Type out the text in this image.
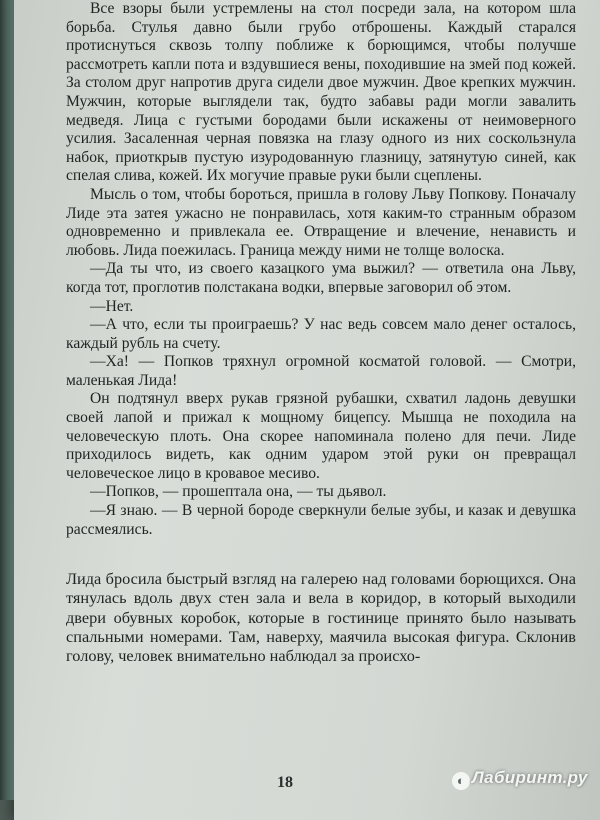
Все взоры были устремлены на стол посреди зала, на котором шла борьба. Стулья давно были грубо отброшены. Каждый старался протиснуться сквозь толпу поближе к борющимся, чтобы получше рассмотреть капли пота и вздувшиеся вены, походившие на змей под кожей. За столом друг напротив друга сидели двое мужчин. Двое крепких мужчин. Мужчин, которые выглядели так, будто забавы ради могли завалить медведя. Лица с густыми бородами были искажены от неимоверного усилия. Засаленная черная повязка на глазу одного из них соскользнула набок, приоткрыв пустую изуродованную глазницу, затянутую синей, как спелая слива, кожей. Их могучие правые руки были сцеплены.

Мысль о том, чтобы бороться, пришла в голову Льву Попкову. Поначалу Лиде эта затея ужасно не понравилась, хотя каким-то странным образом одновременно и привлекала ее. Отвращение и влечение, ненависть и любовь. Лида поежилась. Граница между ними не толще волоска.

—Да ты что, из своего казацкого ума выжил? — ответила она Льву, когда тот, проглотив полстакана водки, впервые заговорил об этом.

—Нет.

—А что, если ты проиграешь? У нас ведь совсем мало денег осталось, каждый рубль на счету.

—Ха! — Попков тряхнул огромной косматой головой. — Смотри, маленькая Лида!

Он подтянул вверх рукав грязной рубашки, схватил ладонь девушки своей лапой и прижал к мощному бицепсу. Мышца не походила на человеческую плоть. Она скорее напоминала полено для печи. Лиде приходилось видеть, как одним ударом этой руки он превращал человеческое лицо в кровавое месиво.

—Попков, — прошептала она, — ты дьявол.

—Я знаю. — В черной бороде сверкнули белые зубы, и казак и девушка рассмеялись.

Лида бросила быстрый взгляд на галерею над головами борющихся. Она тянулась вдоль двух стен зала и вела в коридор, в который выходили двери обувных коробок, которые в гостинице принято было называть спальными номерами. Там, наверху, маячила высокая фигура. Склонив голову, человек внимательно наблюдал за происхо-

18	◐ Лабиринт.ру
